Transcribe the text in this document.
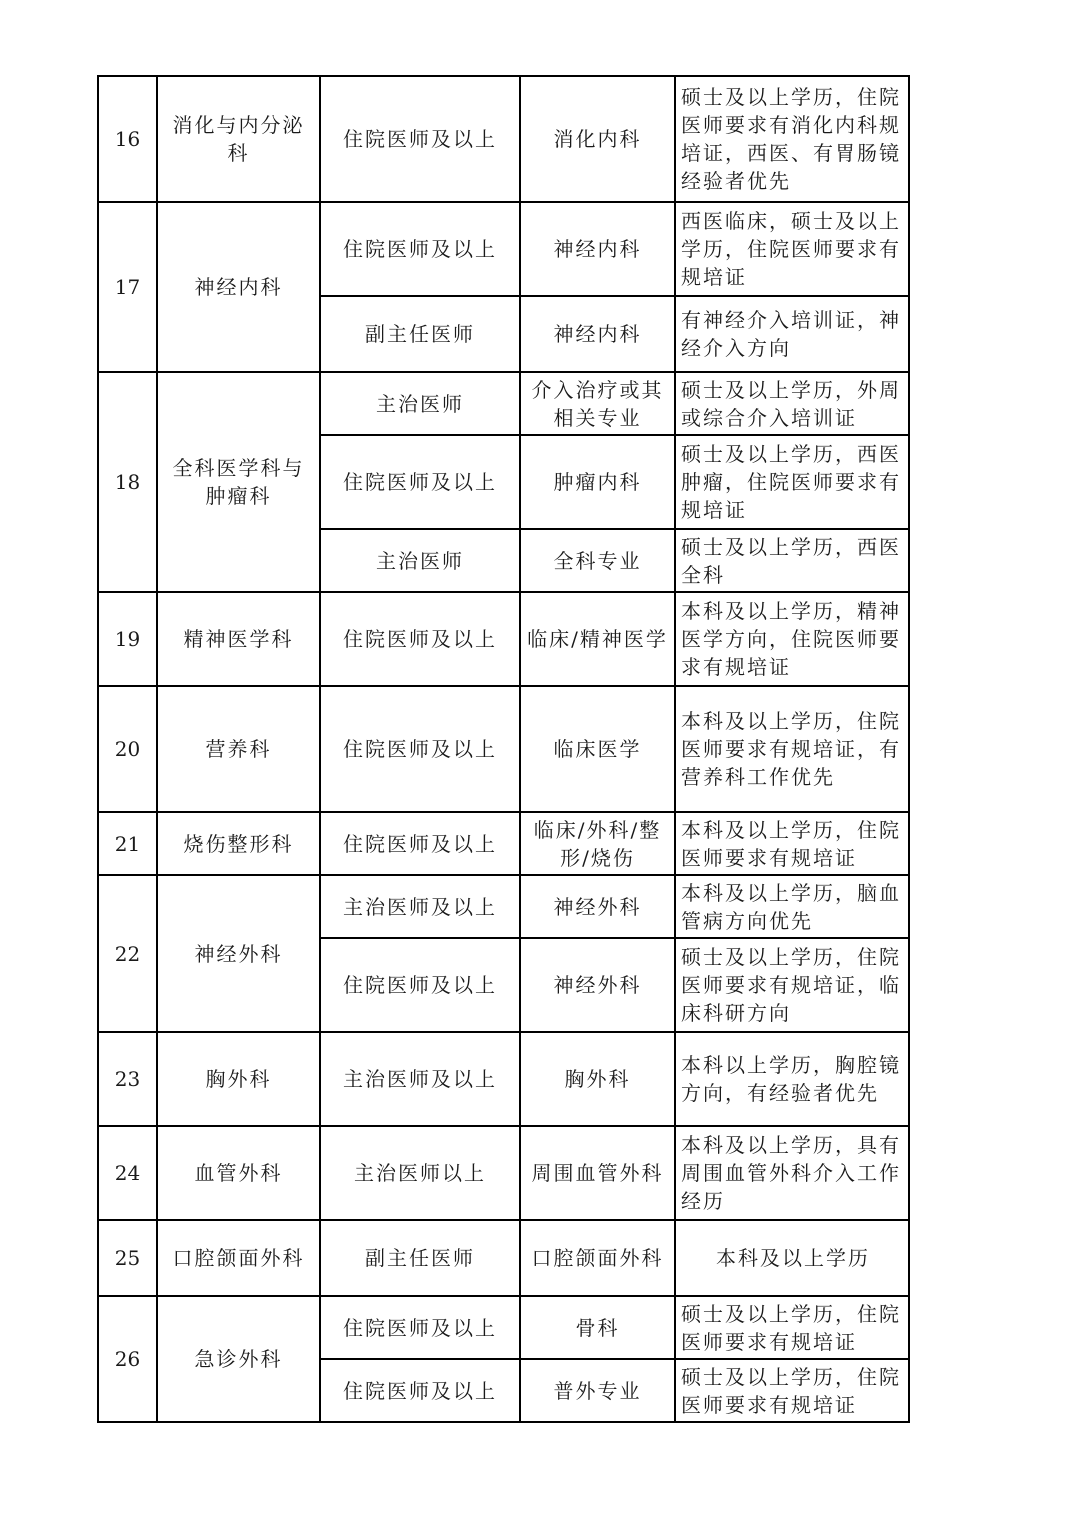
16	消化与内分泌科	住院医师及以上	消化内科	硕士及以上学历，住院医师要求有消化内科规培证，西医、有胃肠镜经验者优先
17	神经内科	住院医师及以上	神经内科	西医临床，硕士及以上学历，住院医师要求有规培证
		副主任医师	神经内科	有神经介入培训证，神经介入方向
18	全科医学科与肿瘤科	主治医师	介入治疗或其相关专业	硕士及以上学历，外周或综合介入培训证
		住院医师及以上	肿瘤内科	硕士及以上学历，西医肿瘤，住院医师要求有规培证
		主治医师	全科专业	硕士及以上学历，西医全科
19	精神医学科	住院医师及以上	临床/精神医学	本科及以上学历，精神医学方向，住院医师要求有规培证
20	营养科	住院医师及以上	临床医学	本科及以上学历，住院医师要求有规培证，有营养科工作优先
21	烧伤整形科	住院医师及以上	临床/外科/整形/烧伤	本科及以上学历，住院医师要求有规培证
22	神经外科	主治医师及以上	神经外科	本科及以上学历，脑血管病方向优先
		住院医师及以上	神经外科	硕士及以上学历，住院医师要求有规培证，临床科研方向
23	胸外科	主治医师及以上	胸外科	本科以上学历，胸腔镜方向，有经验者优先
24	血管外科	主治医师以上	周围血管外科	本科及以上学历，具有周围血管外科介入工作经历
25	口腔颌面外科	副主任医师	口腔颌面外科	本科及以上学历
26	急诊外科	住院医师及以上	骨科	硕士及以上学历，住院医师要求有规培证
		住院医师及以上	普外专业	硕士及以上学历，住院医师要求有规培证
